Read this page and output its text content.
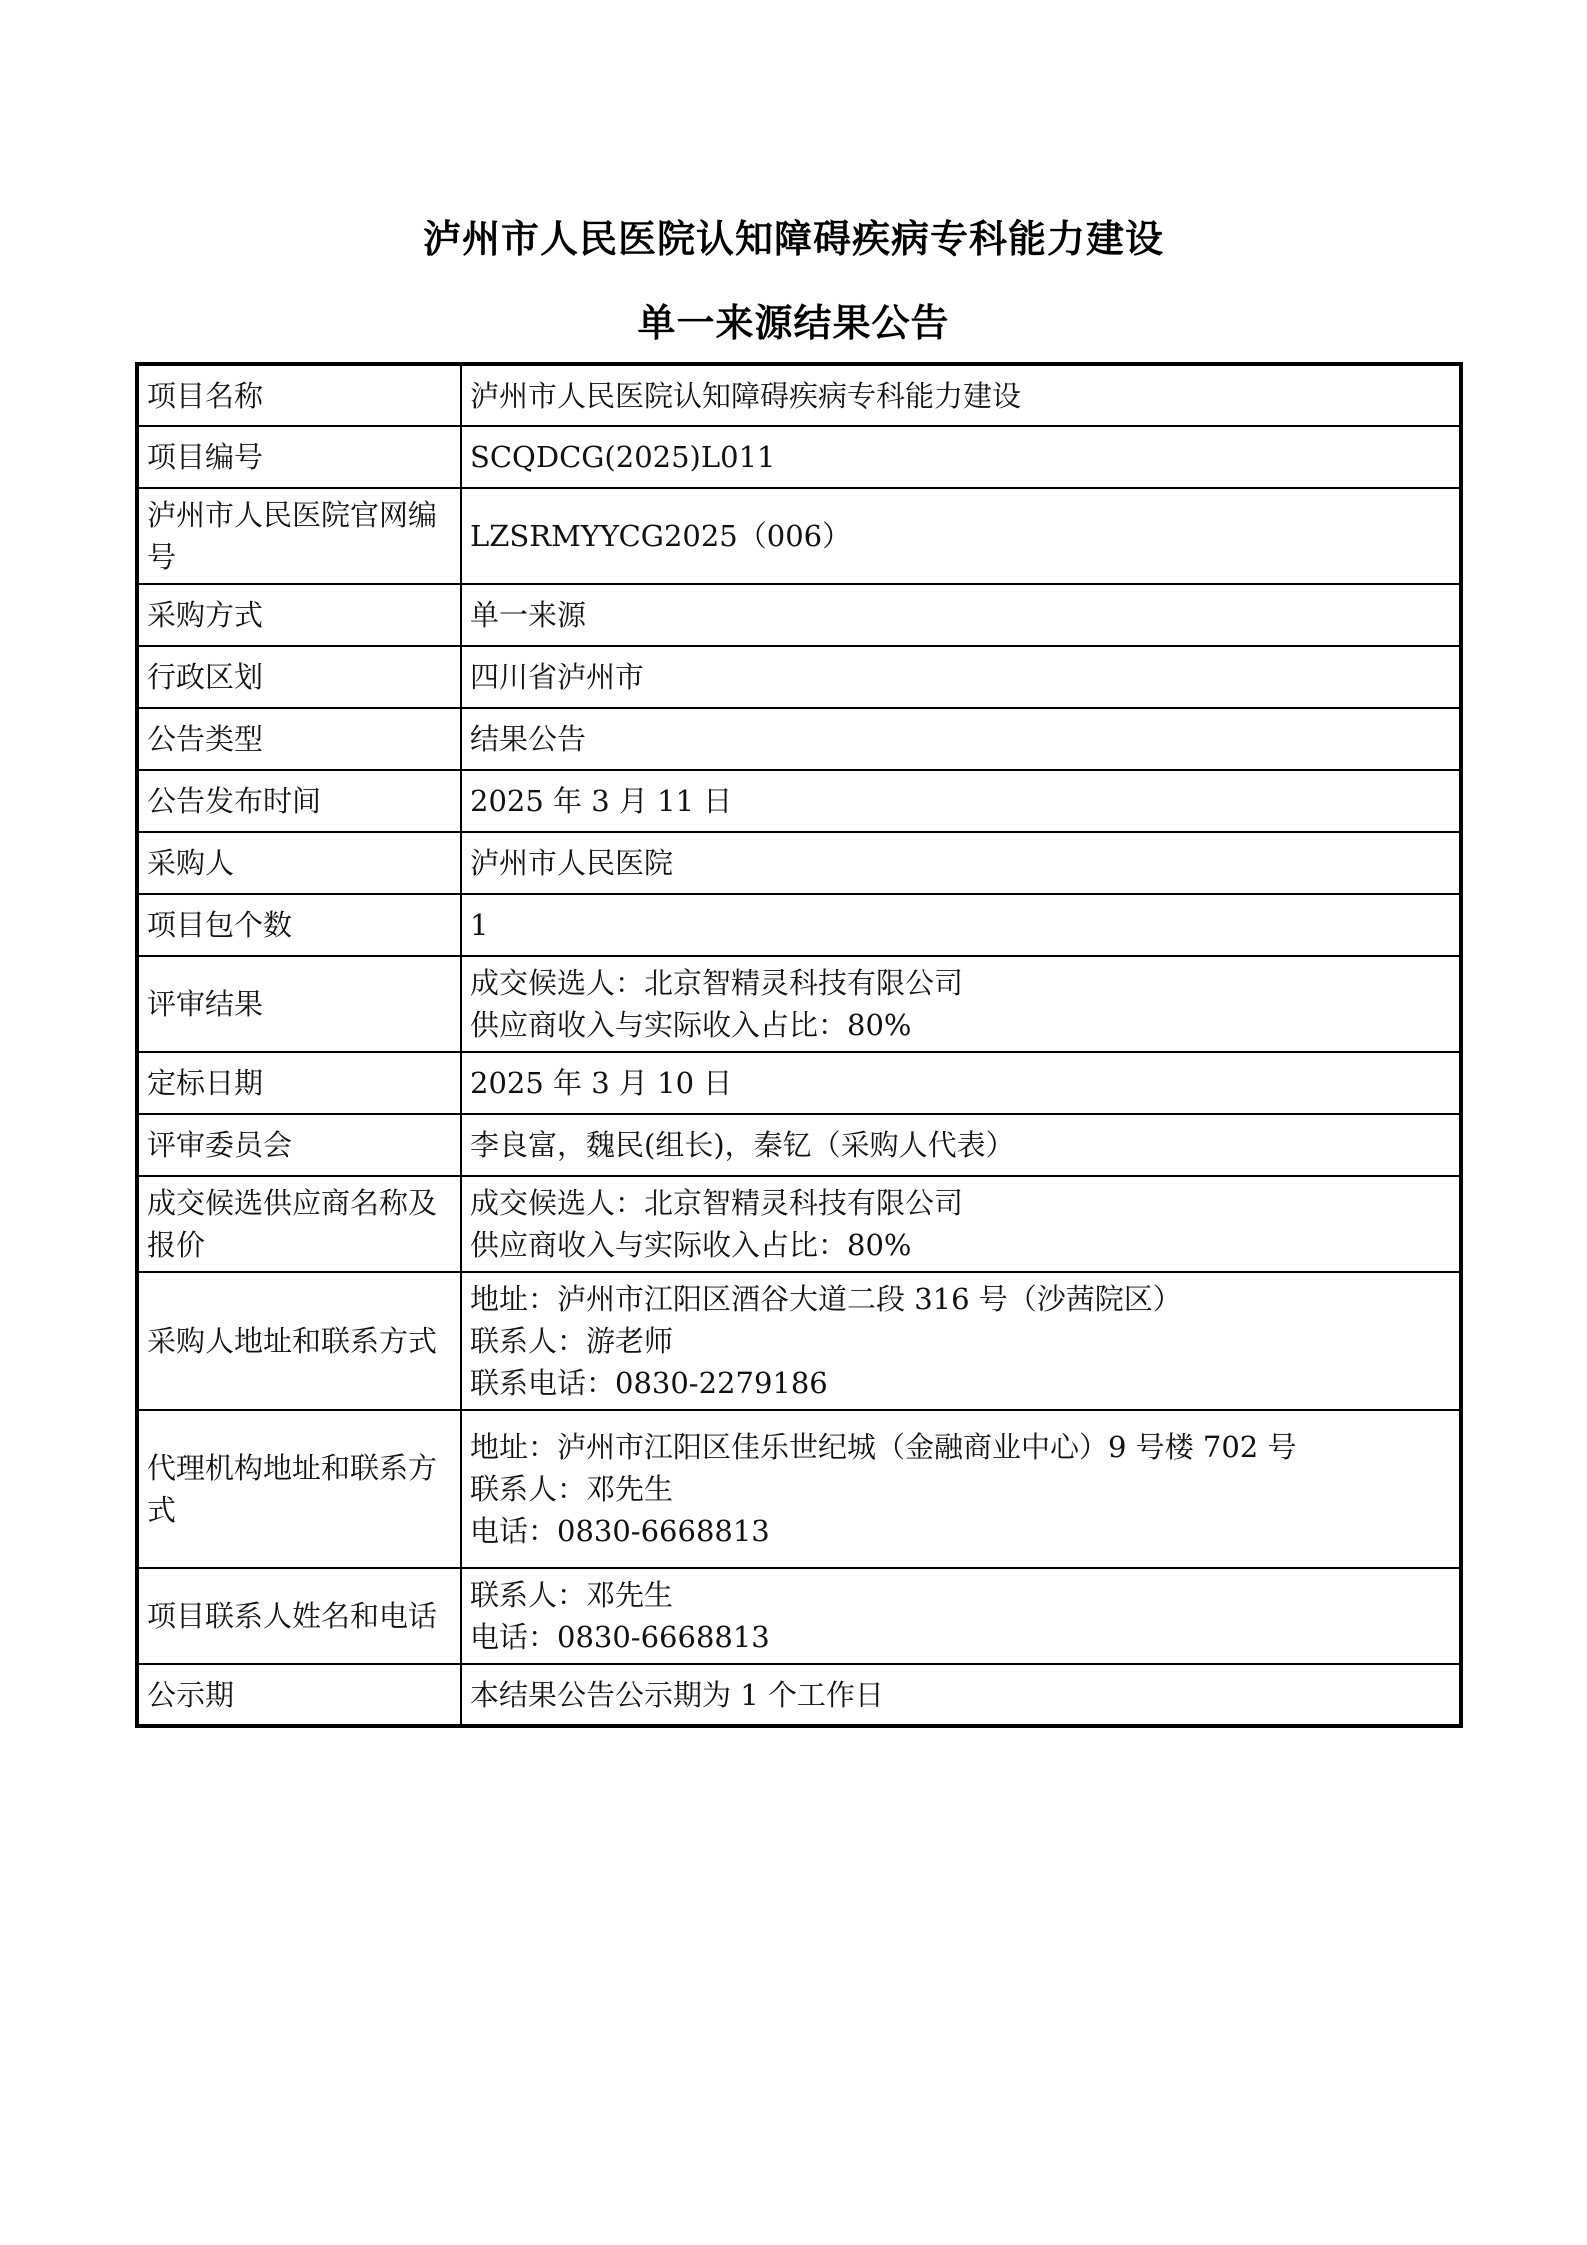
泸州市人民医院认知障碍疾病专科能力建设
单一来源结果公告
项目名称	泸州市人民医院认知障碍疾病专科能力建设

项目编号	SCQDCG(2025)L011

泸州市人民医院官网编号	LZSRMYYCG2025（006）

采购方式	单一来源

行政区划	四川省泸州市

公告类型	结果公告

公告发布时间	2025 年 3 月 11 日

采购人	泸州市人民医院

项目包个数	1

评审结果	成交候选人：北京智精灵科技有限公司
供应商收入与实际收入占比：80%

定标日期	2025 年 3 月 10 日

评审委员会	李良富，魏民(组长)，秦钇（采购人代表）

成交候选供应商名称及报价	成交候选人：北京智精灵科技有限公司
供应商收入与实际收入占比：80%

采购人地址和联系方式	地址：泸州市江阳区酒谷大道二段 316 号（沙茜院区）
联系人：游老师
联系电话：0830-2279186

代理机构地址和联系方式	地址：泸州市江阳区佳乐世纪城（金融商业中心）9 号楼 702 号
联系人：邓先生
电话：0830-6668813

项目联系人姓名和电话	联系人：邓先生
电话：0830-6668813

公示期	本结果公告公示期为 1 个工作日
